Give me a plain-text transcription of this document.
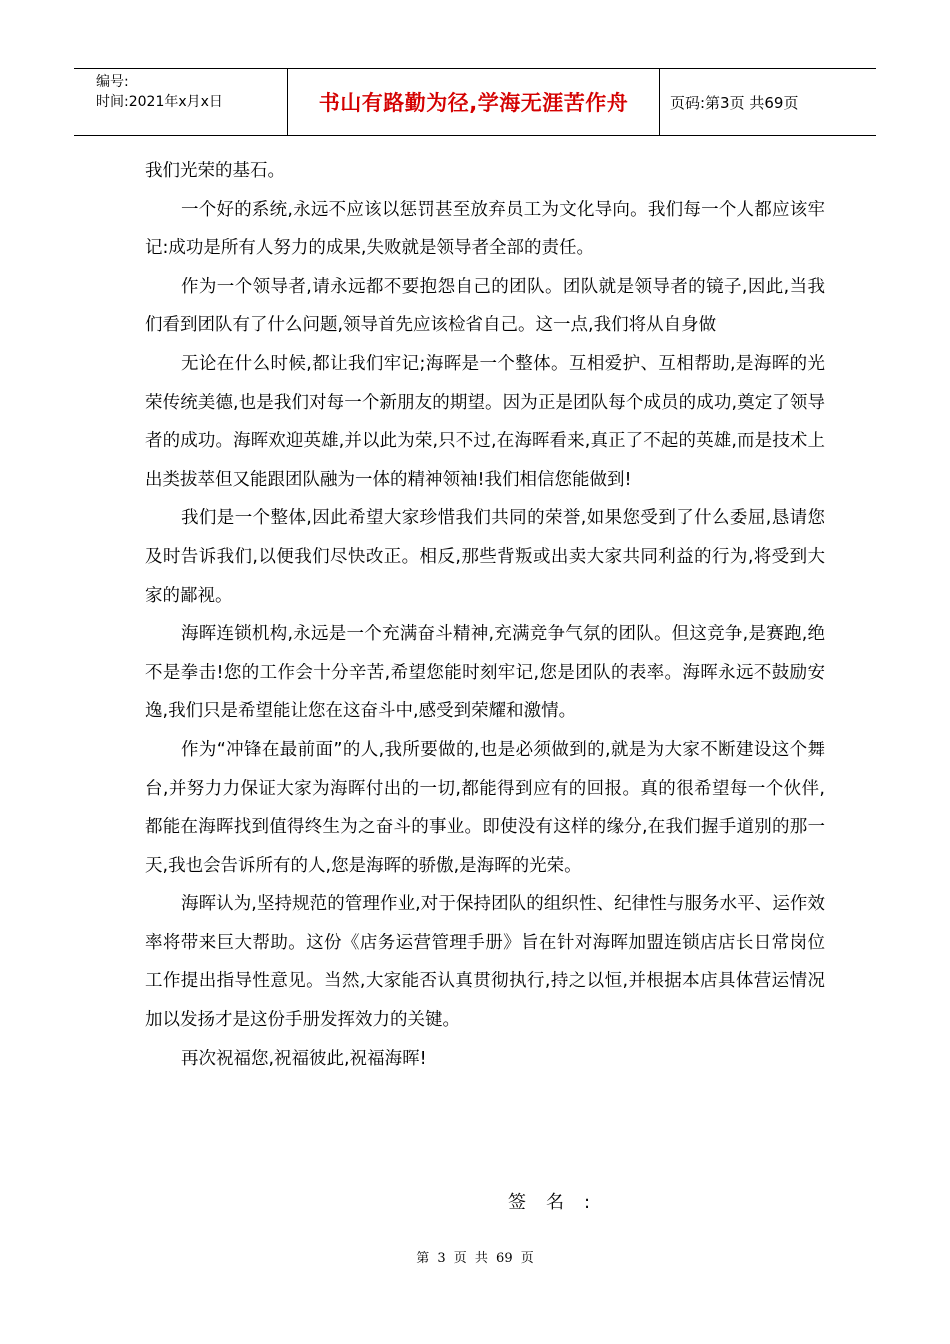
编号:
时间:2021年x月x日	书山有路勤为径,学海无涯苦作舟	页码:第3页 共69页

我们光荣的基石。

一个好的系统,永远不应该以惩罚甚至放弃员工为文化导向。我们每一个人都应该牢记:成功是所有人努力的成果,失败就是领导者全部的责任。

作为一个领导者,请永远都不要抱怨自己的团队。团队就是领导者的镜子,因此,当我们看到团队有了什么问题,领导首先应该检省自己。这一点,我们将从自身做

无论在什么时候,都让我们牢记;海晖是一个整体。互相爱护、互相帮助,是海晖的光荣传统美德,也是我们对每一个新朋友的期望。因为正是团队每个成员的成功,奠定了领导者的成功。海晖欢迎英雄,并以此为荣,只不过,在海晖看来,真正了不起的英雄,而是技术上出类拔萃但又能跟团队融为一体的精神领袖!我们相信您能做到!

我们是一个整体,因此希望大家珍惜我们共同的荣誉,如果您受到了什么委屈,恳请您及时告诉我们,以便我们尽快改正。相反,那些背叛或出卖大家共同利益的行为,将受到大家的鄙视。

海晖连锁机构,永远是一个充满奋斗精神,充满竞争气氛的团队。但这竞争,是赛跑,绝不是拳击!您的工作会十分辛苦,希望您能时刻牢记,您是团队的表率。海晖永远不鼓励安逸,我们只是希望能让您在这奋斗中,感受到荣耀和激情。

作为“冲锋在最前面”的人,我所要做的,也是必须做到的,就是为大家不断建设这个舞台,并努力力保证大家为海晖付出的一切,都能得到应有的回报。真的很希望每一个伙伴,都能在海晖找到值得终生为之奋斗的事业。即使没有这样的缘分,在我们握手道别的那一天,我也会告诉所有的人,您是海晖的骄傲,是海晖的光荣。

海晖认为,坚持规范的管理作业,对于保持团队的组织性、纪律性与服务水平、运作效率将带来巨大帮助。这份《店务运营管理手册》旨在针对海晖加盟连锁店店长日常岗位工作提出指导性意见。当然,大家能否认真贯彻执行,持之以恒,并根据本店具体营运情况加以发扬才是这份手册发挥效力的关键。

再次祝福您,祝福彼此,祝福海晖!

签名:
第 3 页 共 69 页
